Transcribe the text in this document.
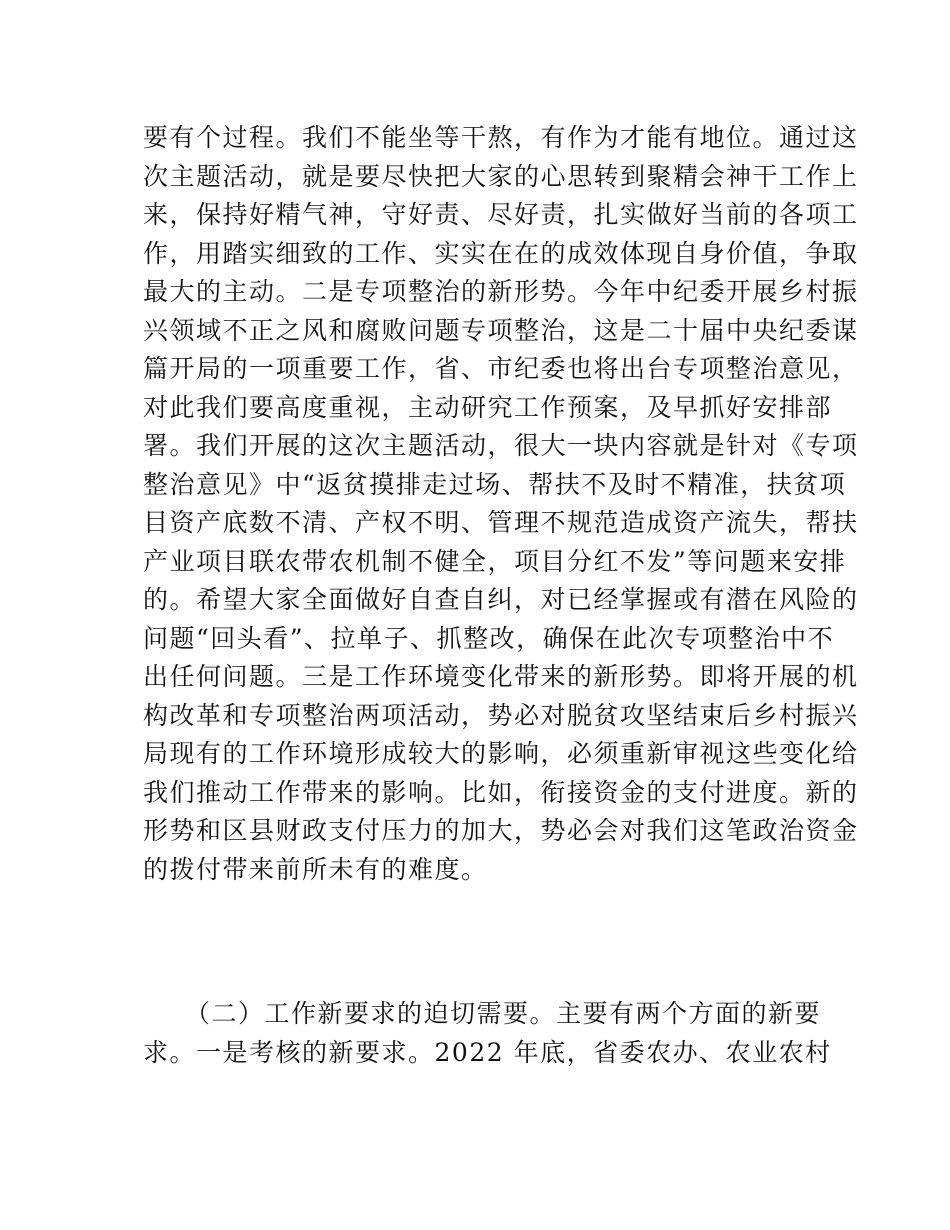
要有个过程。我们不能坐等干熬，有作为才能有地位。通过这
次主题活动，就是要尽快把大家的心思转到聚精会神干工作上
来，保持好精气神，守好责、尽好责，扎实做好当前的各项工
作，用踏实细致的工作、实实在在的成效体现自身价值，争取
最大的主动。二是专项整治的新形势。今年中纪委开展乡村振
兴领域不正之风和腐败问题专项整治，这是二十届中央纪委谋
篇开局的一项重要工作，省、市纪委也将出台专项整治意见，
对此我们要高度重视，主动研究工作预案，及早抓好安排部
署。我们开展的这次主题活动，很大一块内容就是针对《专项
整治意见》中“返贫摸排走过场、帮扶不及时不精准，扶贫项
目资产底数不清、产权不明、管理不规范造成资产流失，帮扶
产业项目联农带农机制不健全，项目分红不发”等问题来安排
的。希望大家全面做好自查自纠，对已经掌握或有潜在风险的
问题“回头看”、拉单子、抓整改，确保在此次专项整治中不
出任何问题。三是工作环境变化带来的新形势。即将开展的机
构改革和专项整治两项活动，势必对脱贫攻坚结束后乡村振兴
局现有的工作环境形成较大的影响，必须重新审视这些变化给
我们推动工作带来的影响。比如，衔接资金的支付进度。新的
形势和区县财政支付压力的加大，势必会对我们这笔政治资金
的拨付带来前所未有的难度。
（二）工作新要求的迫切需要。主要有两个方面的新要
求。一是考核的新要求。2022 年底，省委农办、农业农村
